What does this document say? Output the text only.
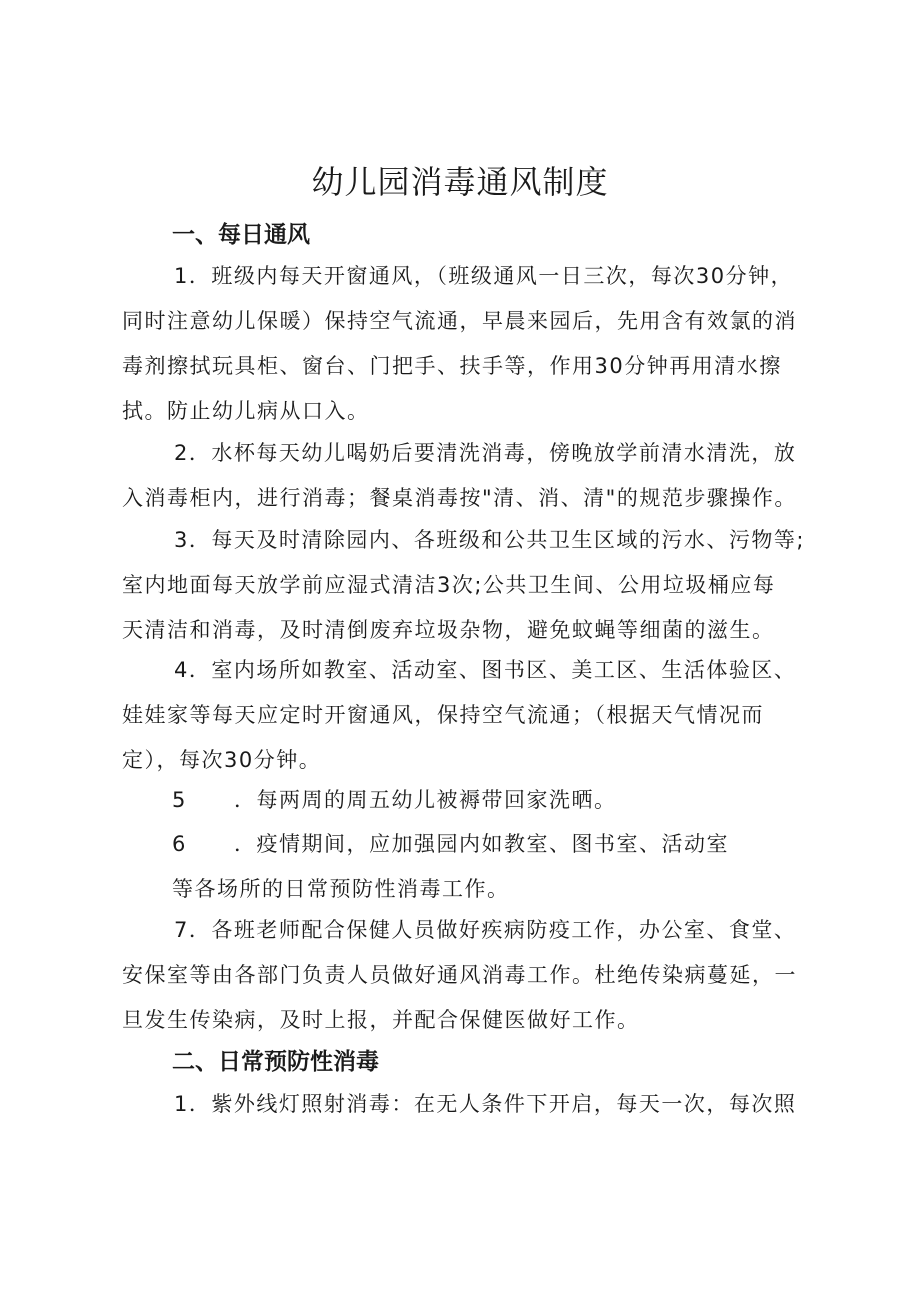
幼儿园消毒通风制度
一、每日通风
1．班级内每天开窗通风，（班级通风一日三次，每次30分钟，
同时注意幼儿保暖）保持空气流通，早晨来园后，先用含有效氯的消
毒剂擦拭玩具柜、窗台、门把手、扶手等，作用30分钟再用清水擦
拭。防止幼儿病从口入。
2．水杯每天幼儿喝奶后要清洗消毒，傍晚放学前清水清洗，放
入消毒柜内，进行消毒；餐桌消毒按"清、消、清"的规范步骤操作。
3．每天及时清除园内、各班级和公共卫生区域的污水、污物等;
室内地面每天放学前应湿式清洁3次;公共卫生间、公用垃圾桶应每
天清洁和消毒，及时清倒废弃垃圾杂物，避免蚊蝇等细菌的滋生。
4．室内场所如教室、活动室、图书区、美工区、生活体验区、
娃娃家等每天应定时开窗通风，保持空气流通；（根据天气情况而
定），每次30分钟。
5 ．每两周的周五幼儿被褥带回家洗晒。
6 ．疫情期间，应加强园内如教室、图书室、活动室
等各场所的日常预防性消毒工作。
7．各班老师配合保健人员做好疾病防疫工作，办公室、食堂、
安保室等由各部门负责人员做好通风消毒工作。杜绝传染病蔓延，一
旦发生传染病，及时上报，并配合保健医做好工作。
二、日常预防性消毒
1．紫外线灯照射消毒：在无人条件下开启，每天一次，每次照
